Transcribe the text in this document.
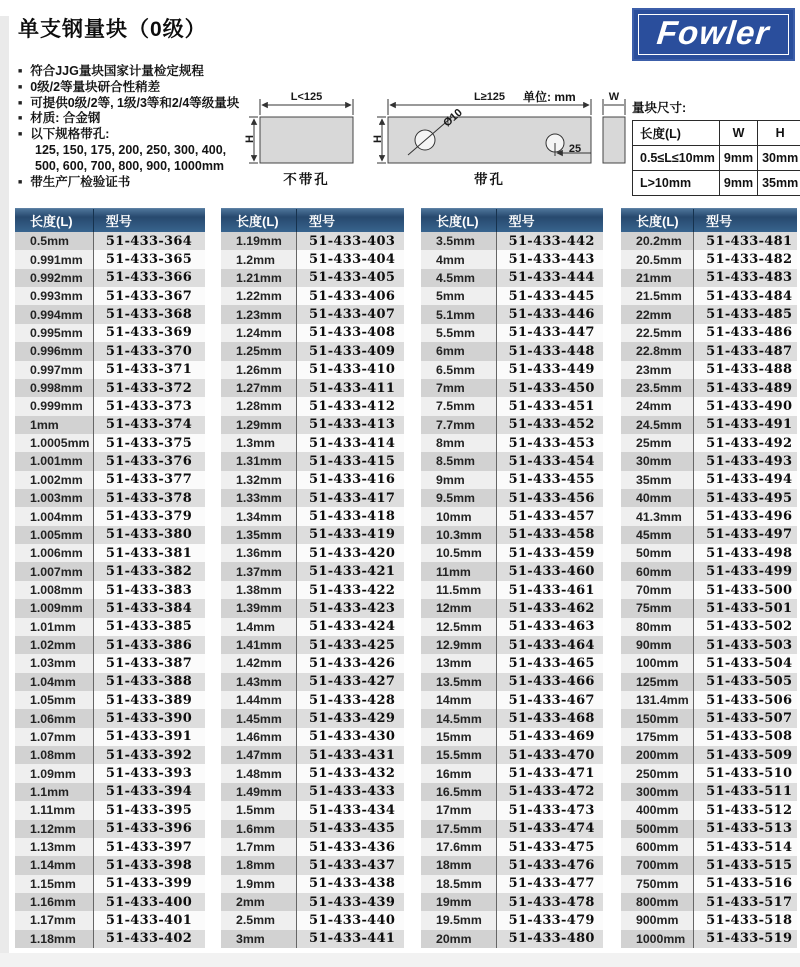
单支钢量块（0级）	Fowler
■ 符合JJG量块国家计量检定规程
■ 0级/2等量块研合性稍差
■ 可提供0级/2等, 1级/3等和2/4等级量块
■ 材质: 合金钢
■ 以下规格带孔:
125, 150, 175, 200, 250, 300, 400,
500, 600, 700, 800, 900, 1000mm
■ 带生产厂检验证书
单位: mm
L<125
H
不带孔
L≥125
H
Ø10
25
带孔
W
量块尺寸:
长度(L)	W	H
0.5≤L≤10mm	9mm	30mm
L>10mm	9mm	35mm
长度(L)	型号
0.5mm	51-433-364
0.991mm	51-433-365
0.992mm	51-433-366
0.993mm	51-433-367
0.994mm	51-433-368
0.995mm	51-433-369
0.996mm	51-433-370
0.997mm	51-433-371
0.998mm	51-433-372
0.999mm	51-433-373
1mm	51-433-374
1.0005mm	51-433-375
1.001mm	51-433-376
1.002mm	51-433-377
1.003mm	51-433-378
1.004mm	51-433-379
1.005mm	51-433-380
1.006mm	51-433-381
1.007mm	51-433-382
1.008mm	51-433-383
1.009mm	51-433-384
1.01mm	51-433-385
1.02mm	51-433-386
1.03mm	51-433-387
1.04mm	51-433-388
1.05mm	51-433-389
1.06mm	51-433-390
1.07mm	51-433-391
1.08mm	51-433-392
1.09mm	51-433-393
1.1mm	51-433-394
1.11mm	51-433-395
1.12mm	51-433-396
1.13mm	51-433-397
1.14mm	51-433-398
1.15mm	51-433-399
1.16mm	51-433-400
1.17mm	51-433-401
1.18mm	51-433-402
长度(L)	型号
1.19mm	51-433-403
1.2mm	51-433-404
1.21mm	51-433-405
1.22mm	51-433-406
1.23mm	51-433-407
1.24mm	51-433-408
1.25mm	51-433-409
1.26mm	51-433-410
1.27mm	51-433-411
1.28mm	51-433-412
1.29mm	51-433-413
1.3mm	51-433-414
1.31mm	51-433-415
1.32mm	51-433-416
1.33mm	51-433-417
1.34mm	51-433-418
1.35mm	51-433-419
1.36mm	51-433-420
1.37mm	51-433-421
1.38mm	51-433-422
1.39mm	51-433-423
1.4mm	51-433-424
1.41mm	51-433-425
1.42mm	51-433-426
1.43mm	51-433-427
1.44mm	51-433-428
1.45mm	51-433-429
1.46mm	51-433-430
1.47mm	51-433-431
1.48mm	51-433-432
1.49mm	51-433-433
1.5mm	51-433-434
1.6mm	51-433-435
1.7mm	51-433-436
1.8mm	51-433-437
1.9mm	51-433-438
2mm	51-433-439
2.5mm	51-433-440
3mm	51-433-441
长度(L)	型号
3.5mm	51-433-442
4mm	51-433-443
4.5mm	51-433-444
5mm	51-433-445
5.1mm	51-433-446
5.5mm	51-433-447
6mm	51-433-448
6.5mm	51-433-449
7mm	51-433-450
7.5mm	51-433-451
7.7mm	51-433-452
8mm	51-433-453
8.5mm	51-433-454
9mm	51-433-455
9.5mm	51-433-456
10mm	51-433-457
10.3mm	51-433-458
10.5mm	51-433-459
11mm	51-433-460
11.5mm	51-433-461
12mm	51-433-462
12.5mm	51-433-463
12.9mm	51-433-464
13mm	51-433-465
13.5mm	51-433-466
14mm	51-433-467
14.5mm	51-433-468
15mm	51-433-469
15.5mm	51-433-470
16mm	51-433-471
16.5mm	51-433-472
17mm	51-433-473
17.5mm	51-433-474
17.6mm	51-433-475
18mm	51-433-476
18.5mm	51-433-477
19mm	51-433-478
19.5mm	51-433-479
20mm	51-433-480
长度(L)	型号
20.2mm	51-433-481
20.5mm	51-433-482
21mm	51-433-483
21.5mm	51-433-484
22mm	51-433-485
22.5mm	51-433-486
22.8mm	51-433-487
23mm	51-433-488
23.5mm	51-433-489
24mm	51-433-490
24.5mm	51-433-491
25mm	51-433-492
30mm	51-433-493
35mm	51-433-494
40mm	51-433-495
41.3mm	51-433-496
45mm	51-433-497
50mm	51-433-498
60mm	51-433-499
70mm	51-433-500
75mm	51-433-501
80mm	51-433-502
90mm	51-433-503
100mm	51-433-504
125mm	51-433-505
131.4mm	51-433-506
150mm	51-433-507
175mm	51-433-508
200mm	51-433-509
250mm	51-433-510
300mm	51-433-511
400mm	51-433-512
500mm	51-433-513
600mm	51-433-514
700mm	51-433-515
750mm	51-433-516
800mm	51-433-517
900mm	51-433-518
1000mm	51-433-519
